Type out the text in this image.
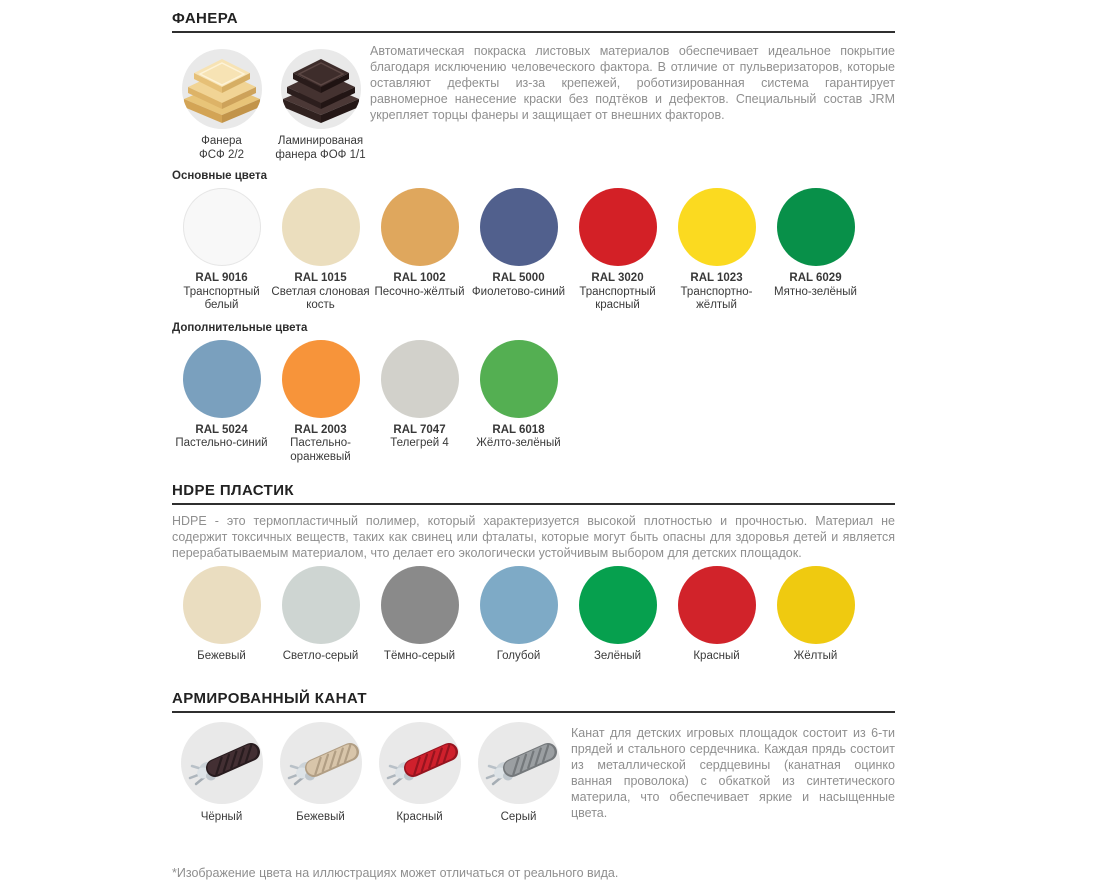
ФАНЕРА
Фанера
ФСФ 2/2
Ламинированая
фанера ФОФ 1/1

Автоматическая покраска листовых материалов обеспечивает идеальное покрытие благодаря исключению человеческого фактора. В отличие от пульверизаторов, которые оставляют дефекты из-за крепежей, роботизированная система гарантирует равномерное нанесение краски без подтёков и дефектов. Специальный состав JRM укрепляет торцы фанеры и защищает от внешних факторов.

Основные цвета
RAL 9016
Транспортный белый
RAL 1015
Светлая слоновая кость
RAL 1002
Песочно-жёлтый
RAL 5000
Фиолетово-синий
RAL 3020
Транспортный красный
RAL 1023
Транспортно-жёлтый
RAL 6029
Мятно-зелёный
Дополнительные цвета
RAL 5024
Пастельно-синий
RAL 2003
Пастельно-оранжевый
RAL 7047
Телегрей 4
RAL 6018
Жёлто-зелёный
HDPE ПЛАСТИК

HDPE - это термопластичный полимер, который характеризуется высокой плотностью и прочностью. Материал не содержит токсичных веществ, таких как свинец или фталаты, которые могут быть опасны для здоровья детей и является перерабатываемым материалом, что делает его экологически устойчивым выбором для детских площадок.

Бежевый	Светло-серый	Тёмно-серый	Голубой	Зелёный	Красный	Жёлтый
АРМИРОВАННЫЙ КАНАТ
Чёрный	Бежевый	Красный	Серый

Канат для детских игровых площадок состоит из 6-ти прядей и стального сердечника. Каждая прядь состоит из металлической сердцевины (канатная оцинко ванная проволока) с обкаткой из синтетического материла, что обеспечивает яркие и насыщенные цвета.

*Изображение цвета на иллюстрациях может отличаться от реального вида.
